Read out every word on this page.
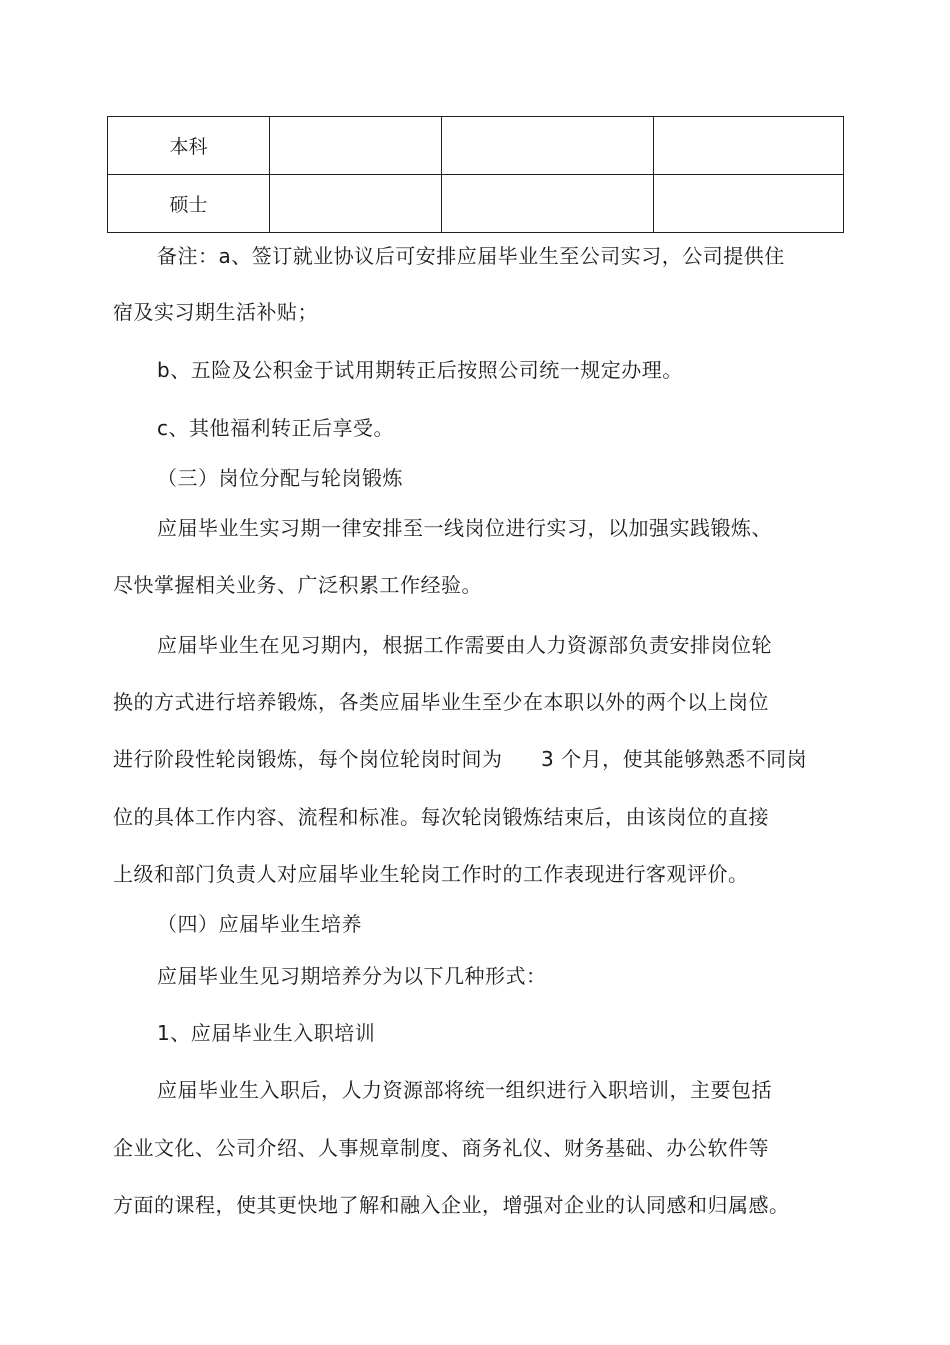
本科			
硕士			
备注：a、签订就业协议后可安排应届毕业生至公司实习，公司提供住
宿及实习期生活补贴；
b、五险及公积金于试用期转正后按照公司统一规定办理。
c、其他福利转正后享受。
（三）岗位分配与轮岗锻炼
应届毕业生实习期一律安排至一线岗位进行实习，以加强实践锻炼、
尽快掌握相关业务、广泛积累工作经验。
应届毕业生在见习期内，根据工作需要由人力资源部负责安排岗位轮
换的方式进行培养锻炼，各类应届毕业生至少在本职以外的两个以上岗位
进行阶段性轮岗锻炼，每个岗位轮岗时间为 3 个月，使其能够熟悉不同岗
位的具体工作内容、流程和标准。每次轮岗锻炼结束后，由该岗位的直接
上级和部门负责人对应届毕业生轮岗工作时的工作表现进行客观评价。
（四）应届毕业生培养
应届毕业生见习期培养分为以下几种形式：
1、应届毕业生入职培训
应届毕业生入职后，人力资源部将统一组织进行入职培训，主要包括
企业文化、公司介绍、人事规章制度、商务礼仪、财务基础、办公软件等
方面的课程，使其更快地了解和融入企业，增强对企业的认同感和归属感。
